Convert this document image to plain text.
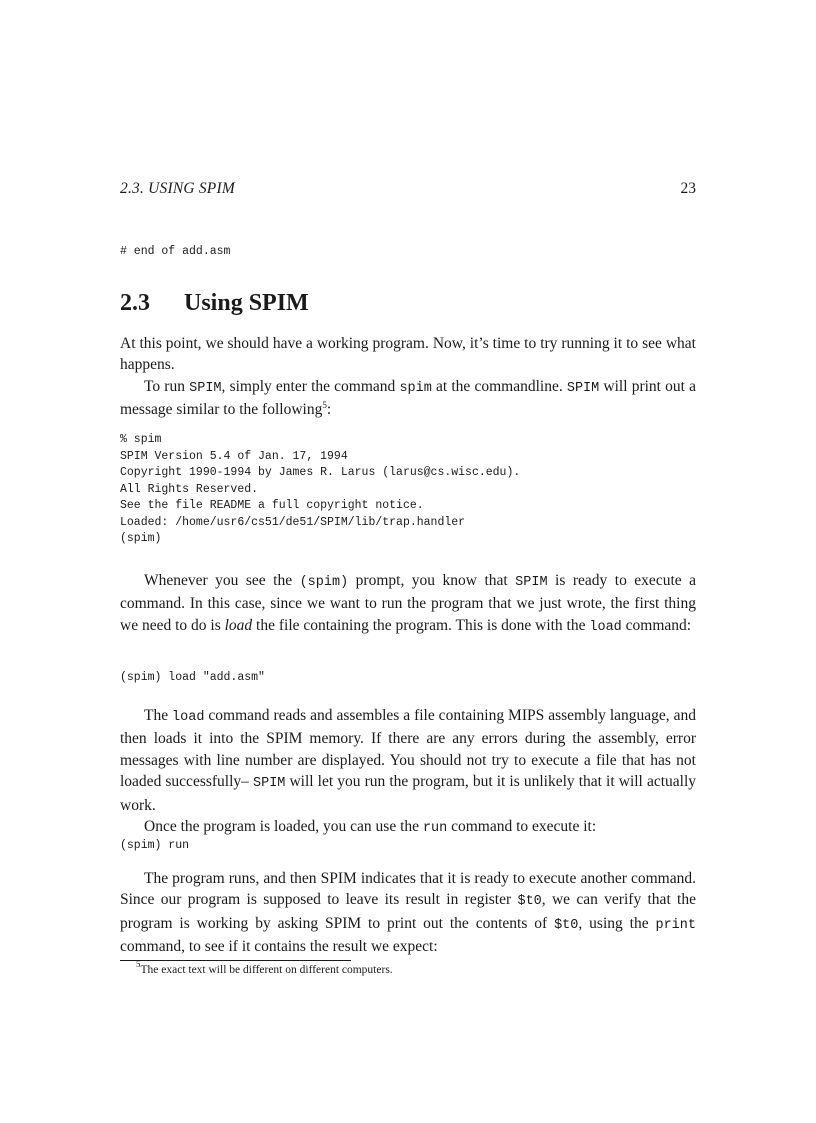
2.3. USING SPIM	23
# end of add.asm
2.3 Using SPIM

At this point, we should have a working program. Now, it’s time to try running it to see what happens.

To run SPIM, simply enter the command spim at the commandline. SPIM will print out a message similar to the following$^5$:

% spim
SPIM Version 5.4 of Jan. 17, 1994
Copyright 1990-1994 by James R. Larus (larus@cs.wisc.edu).
All Rights Reserved.
See the file README a full copyright notice.
Loaded: /home/usr6/cs51/de51/SPIM/lib/trap.handler
(spim)

Whenever you see the (spim) prompt, you know that SPIM is ready to execute a command. In this case, since we want to run the program that we just wrote, the first thing we need to do is load the file containing the program. This is done with the load command:

(spim) load "add.asm"

The load command reads and assembles a file containing MIPS assembly language, and then loads it into the SPIM memory. If there are any errors during the assembly, error messages with line number are displayed. You should not try to execute a file that has not loaded successfully– SPIM will let you run the program, but it is unlikely that it will actually work.

Once the program is loaded, you can use the run command to execute it:

(spim) run

The program runs, and then SPIM indicates that it is ready to execute another command. Since our program is supposed to leave its result in register $t0, we can verify that the program is working by asking SPIM to print out the contents of $t0, using the print command, to see if it contains the result we expect:

$^5$The exact text will be different on different computers.
